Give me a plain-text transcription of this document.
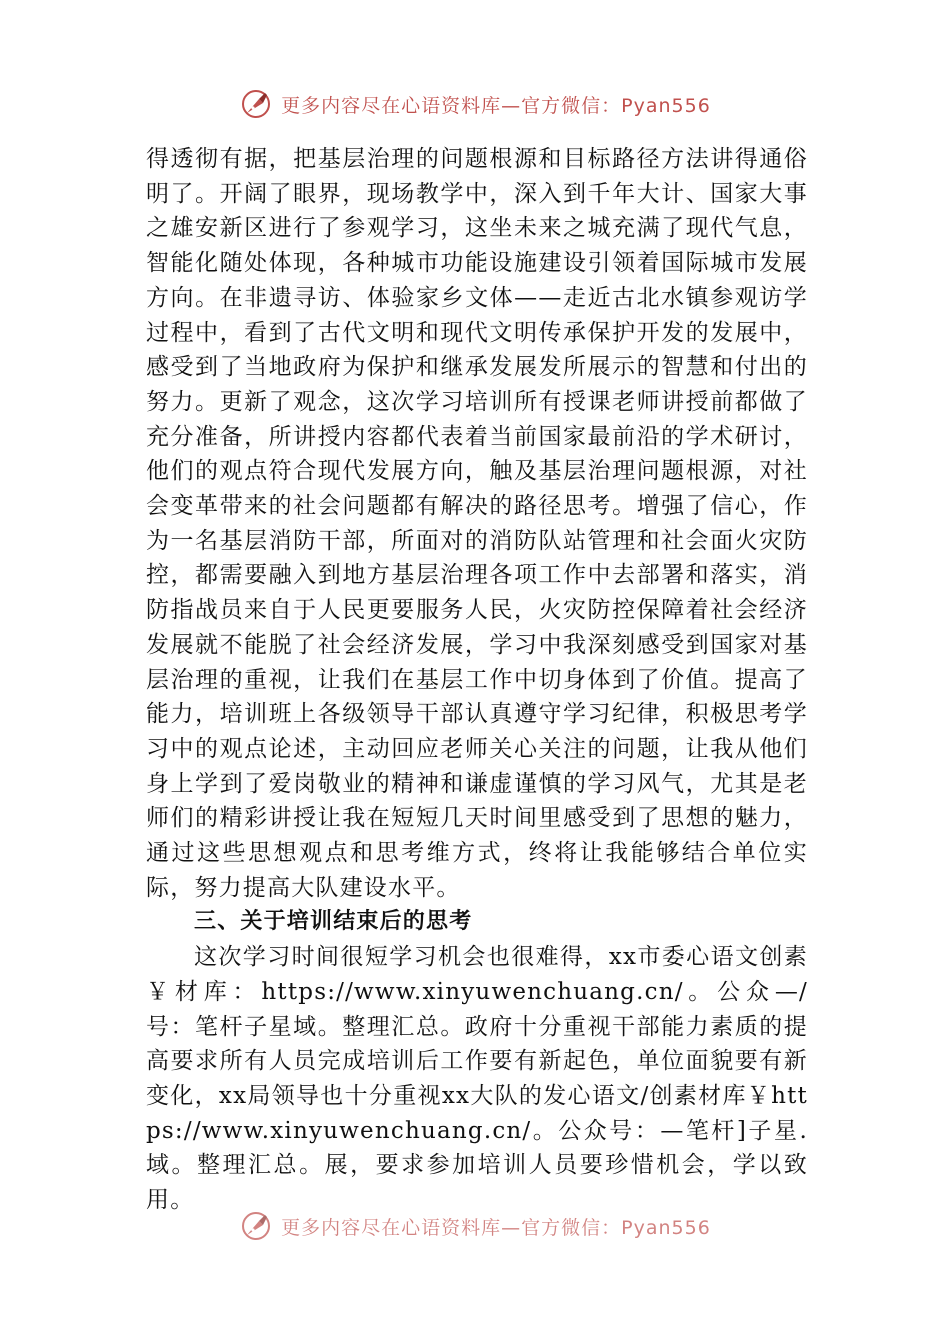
更多内容尽在心语资料库—官方微信：Pyan556

得透彻有据，把基层治理的问题根源和目标路径方法讲得通俗明了。开阔了眼界，现场教学中，深入到千年大计、国家大事之雄安新区进行了参观学习，这坐未来之城充满了现代气息，智能化随处体现，各种城市功能设施建设引领着国际城市发展方向。在非遗寻访、体验家乡文体——走近古北水镇参观访学过程中，看到了古代文明和现代文明传承保护开发的发展中，感受到了当地政府为保护和继承发展发所展示的智慧和付出的努力。更新了观念，这次学习培训所有授课老师讲授前都做了充分准备，所讲授内容都代表着当前国家最前沿的学术研讨，他们的观点符合现代发展方向，触及基层治理问题根源，对社会变革带来的社会问题都有解决的路径思考。增强了信心，作为一名基层消防干部，所面对的消防队站管理和社会面火灾防控，都需要融入到地方基层治理各项工作中去部署和落实，消防指战员来自于人民更要服务人民，火灾防控保障着社会经济发展就不能脱了社会经济发展，学习中我深刻感受到国家对基层治理的重视，让我们在基层工作中切身体到了价值。提高了能力，培训班上各级领导干部认真遵守学习纪律，积极思考学习中的观点论述，主动回应老师关心关注的问题，让我从他们身上学到了爱岗敬业的精神和谦虚谨慎的学习风气，尤其是老师们的精彩讲授让我在短短几天时间里感受到了思想的魅力，通过这些思想观点和思考维方式，终将让我能够结合单位实际，努力提高大队建设水平。

三、关于培训结束后的思考

这次学习时间很短学习机会也很难得，xx市委心语文创素￥材库：https://www.xinyuwenchuang.cn/。公众—/号：笔杆子星域。整理汇总。政府十分重视干部能力素质的提高要求所有人员完成培训后工作要有新起色，单位面貌要有新变化，xx局领导也十分重视xx大队的发心语文/创素材库￥https://www.xinyuwenchuang.cn/。公众号：—笔杆]子星.域。整理汇总。展，要求参加培训人员要珍惜机会，学以致用。

更多内容尽在心语资料库—官方微信：Pyan556
